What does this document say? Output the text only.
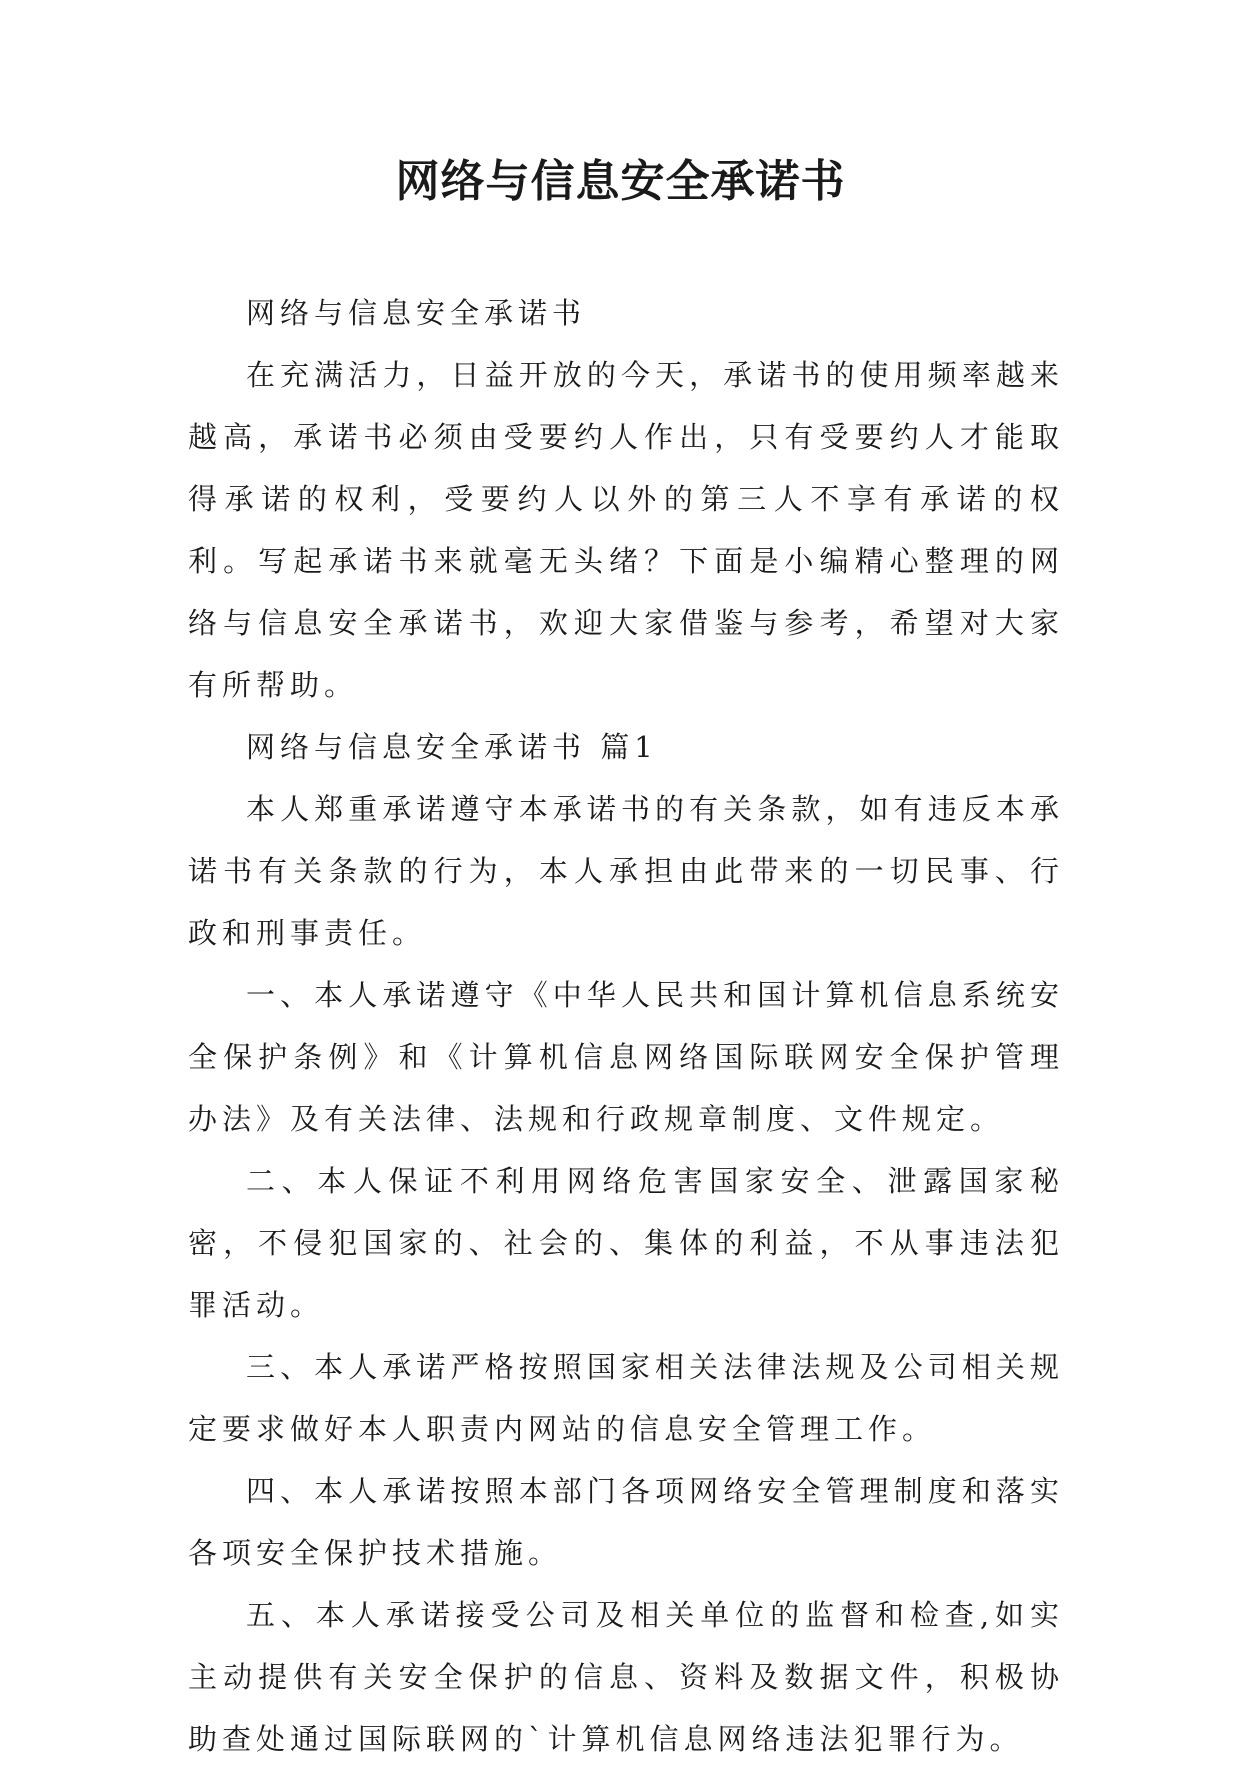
网络与信息安全承诺书

网络与信息安全承诺书

在充满活力，日益开放的今天，承诺书的使用频率越来越高，承诺书必须由受要约人作出，只有受要约人才能取得承诺的权利，受要约人以外的第三人不享有承诺的权利。写起承诺书来就毫无头绪？下面是小编精心整理的网络与信息安全承诺书，欢迎大家借鉴与参考，希望对大家有所帮助。

网络与信息安全承诺书 篇1

本人郑重承诺遵守本承诺书的有关条款，如有违反本承诺书有关条款的行为，本人承担由此带来的一切民事、行政和刑事责任。

一、本人承诺遵守《中华人民共和国计算机信息系统安全保护条例》和《计算机信息网络国际联网安全保护管理办法》及有关法律、法规和行政规章制度、文件规定。

二、本人保证不利用网络危害国家安全、泄露国家秘密，不侵犯国家的、社会的、集体的利益，不从事违法犯罪活动。

三、本人承诺严格按照国家相关法律法规及公司相关规定要求做好本人职责内网站的信息安全管理工作。

四、本人承诺按照本部门各项网络安全管理制度和落实各项安全保护技术措施。

五、本人承诺接受公司及相关单位的监督和检查,如实主动提供有关安全保护的信息、资料及数据文件，积极协助查处通过国际联网的`计算机信息网络违法犯罪行为。
